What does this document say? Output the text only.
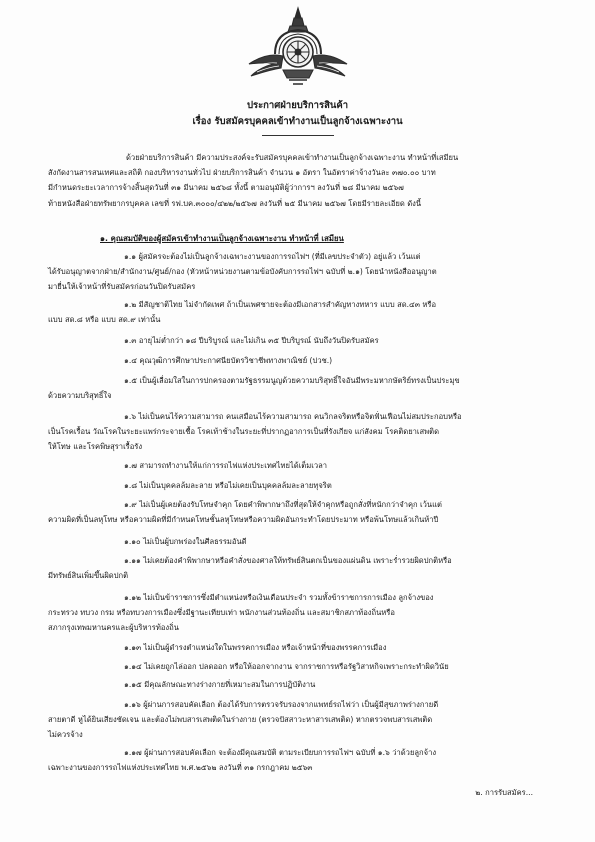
ประกาศฝ่ายบริการสินค้า
เรื่อง รับสมัครบุคคลเข้าทำงานเป็นลูกจ้างเฉพาะงาน
ด้วยฝ่ายบริการสินค้า มีความประสงค์จะรับสมัครบุคคลเข้าทำงานเป็นลูกจ้างเฉพาะงาน ทำหน้าที่เสมียน
สังกัดงานสารสนเทศและสถิติ กองบริหารงานทั่วไป ฝ่ายบริการสินค้า จำนวน ๑ อัตรา ในอัตราค่าจ้างวันละ ๓๗๐.๐๐ บาท
มีกำหนดระยะเวลาการจ้างสิ้นสุดวันที่ ๓๑ มีนาคม ๒๕๖๘ ทั้งนี้ ตามอนุมัติผู้ว่าการฯ ลงวันที่ ๒๘ มีนาคม ๒๕๖๗
ท้ายหนังสือฝ่ายทรัพยากรบุคคล เลขที่ รฟ.บค.๓๐๐๐/๔๒๒/๒๕๖๗ ลงวันที่ ๒๕ มีนาคม ๒๕๖๗ โดยมีรายละเอียด ดังนี้
๑. คุณสมบัติของผู้สมัครเข้าทำงานเป็นลูกจ้างเฉพาะงาน ทำหน้าที่ เสมียน
๑.๑ ผู้สมัครจะต้องไม่เป็นลูกจ้างเฉพาะงานของการรถไฟฯ (ที่มีเลขประจำตัว) อยู่แล้ว เว้นแต่
ได้รับอนุญาตจากฝ่าย/สำนักงาน/ศูนย์/กอง (หัวหน้าหน่วยงานตามข้อบังคับการรถไฟฯ ฉบับที่ ๒.๑) โดยนำหนังสืออนุญาต
มายื่นให้เจ้าหน้าที่รับสมัครก่อนวันปิดรับสมัคร
๑.๒ มีสัญชาติไทย ไม่จำกัดเพศ ถ้าเป็นเพศชายจะต้องมีเอกสารสำคัญทางทหาร แบบ สด.๔๓ หรือ
แบบ สด.๘ หรือ แบบ สด.๙ เท่านั้น
๑.๓ อายุไม่ต่ำกว่า ๑๘ ปีบริบูรณ์ และไม่เกิน ๓๕ ปีบริบูรณ์ นับถึงวันปิดรับสมัคร
๑.๔ คุณวุฒิการศึกษาประกาศนียบัตรวิชาชีพทางพาณิชย์ (ปวช.)
๑.๕ เป็นผู้เลื่อมใสในการปกครองตามรัฐธรรมนูญด้วยความบริสุทธิ์ใจอันมีพระมหากษัตริย์ทรงเป็นประมุข
ด้วยความบริสุทธิ์ใจ
๑.๖ ไม่เป็นคนไร้ความสามารถ คนเสมือนไร้ความสามารถ คนวิกลจริตหรือจิตฟั่นเฟือนไม่สมประกอบหรือ
เป็นโรคเรื้อน วัณโรคในระยะแพร่กระจายเชื้อ โรคเท้าช้างในระยะที่ปรากฏอาการเป็นที่รังเกียจ แก่สังคม โรคติดยาเสพติด
ให้โทษ และโรคพิษสุราเรื้อรัง
๑.๗ สามารถทำงานให้แก่การรถไฟแห่งประเทศไทยได้เต็มเวลา
๑.๘ ไม่เป็นบุคคลล้มละลาย หรือไม่เคยเป็นบุคคลล้มละลายทุจริต
๑.๙ ไม่เป็นผู้เคยต้องรับโทษจำคุก โดยคำพิพากษาถึงที่สุดให้จำคุกหรือถูกสั่งที่หนักกว่าจำคุก เว้นแต่
ความผิดที่เป็นลหุโทษ หรือความผิดที่มีกำหนดโทษชั้นลหุโทษหรือความผิดอันกระทำโดยประมาท หรือพ้นโทษแล้วเกินห้าปี
๑.๑๐ ไม่เป็นผู้บกพร่องในศีลธรรมอันดี
๑.๑๑ ไม่เคยต้องคำพิพากษาหรือคำสั่งของศาลให้ทรัพย์สินตกเป็นของแผ่นดิน เพราะร่ำรวยผิดปกติหรือ
มีทรัพย์สินเพิ่มขึ้นผิดปกติ
๑.๑๒ ไม่เป็นข้าราชการซึ่งมีตำแหน่งหรือเงินเดือนประจำ รวมทั้งข้าราชการการเมือง ลูกจ้างของ
กระทรวง ทบวง กรม หรือทบวงการเมืองซึ่งมีฐานะเทียบเท่า พนักงานส่วนท้องถิ่น และสมาชิกสภาท้องถิ่นหรือ
สภากรุงเทพมหานครและผู้บริหารท้องถิ่น
๑.๑๓ ไม่เป็นผู้ดำรงตำแหน่งใดในพรรคการเมือง หรือเจ้าหน้าที่ของพรรคการเมือง
๑.๑๔ ไม่เคยถูกไล่ออก ปลดออก หรือให้ออกจากงาน จากราชการหรือรัฐวิสาหกิจเพราะกระทำผิดวินัย
๑.๑๕ มีคุณลักษณะทางร่างกายที่เหมาะสมในการปฏิบัติงาน
๑.๑๖ ผู้ผ่านการสอบคัดเลือก ต้องได้รับการตรวจรับรองจากแพทย์รถไฟว่า เป็นผู้มีสุขภาพร่างกายดี
สายตาดี หูได้ยินเสียงชัดเจน และต้องไม่พบสารเสพติดในร่างกาย (ตรวจปัสสาวะหาสารเสพติด) หากตรวจพบสารเสพติด
ไม่ควรจ้าง
๑.๑๗ ผู้ผ่านการสอบคัดเลือก จะต้องมีคุณสมบัติ ตามระเบียบการรถไฟฯ ฉบับที่ ๑.๖ ว่าด้วยลูกจ้าง
เฉพาะงานของการรถไฟแห่งประเทศไทย พ.ศ.๒๕๖๒ ลงวันที่ ๓๑ กรกฎาคม ๒๕๖๓
๒. การรับสมัคร...
